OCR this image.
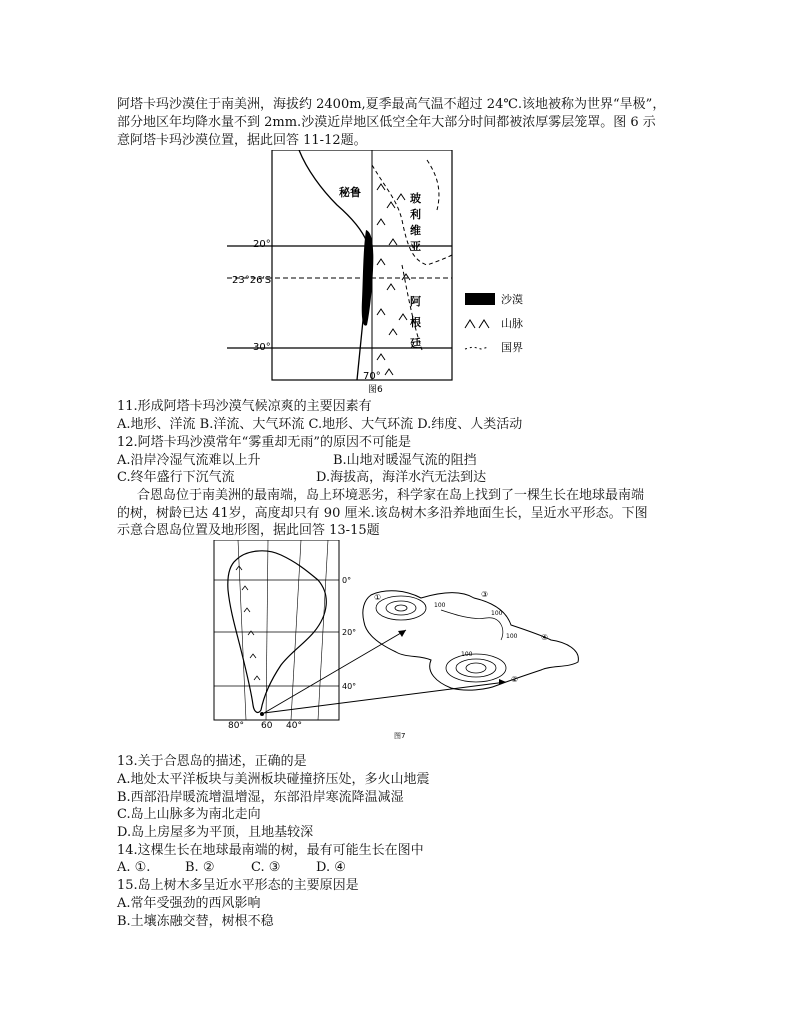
阿塔卡玛沙漠住于南美洲，海拔约 2400m,夏季最高气温不超过 24℃.该地被称为世界“旱极”，
部分地区年均降水量不到 2mm.沙漠近岸地区低空全年大部分时间都被浓厚雾层笼罩。图 6 示
意阿塔卡玛沙漠位置，据此回答 11-12题。
秘鲁	玻
利
维
亚
阿
根
廷
20°
23°26′S
30°
70°
图6
沙漠
山脉
国界
11.形成阿塔卡玛沙漠气候凉爽的主要因素有
A.地形、洋流 B.洋流、大气环流 C.地形、大气环流 D.纬度、人类活动
12.阿塔卡玛沙漠常年“雾重却无雨”的原因不可能是
A.沿岸冷湿气流难以上升	B.山地对暖湿气流的阻挡
C.终年盛行下沉气流	D.海拔高，海洋水汽无法到达
合恩岛位于南美洲的最南端，岛上环境恶劣，科学家在岛上找到了一棵生长在地球最南端
的树，树龄已达 41岁，高度却只有 90 厘米.该岛树木多沿养地面生长，呈近水平形态。下图
示意合恩岛位置及地形图，据此回答 13-15题
0°
20°
40°
80° 60 40°
100
100
100
100
①
②
③
④
图7
13.关于合恩岛的描述，正确的是
A.地处太平洋板块与美洲板块碰撞挤压处，多火山地震
B.西部沿岸暖流增温增湿，东部沿岸寒流降温减湿
C.岛上山脉多为南北走向
D.岛上房屋多为平顶，且地基较深
14.这棵生长在地球最南端的树，最有可能生长在图中
A. ①.	B. ②	C. ③	D. ④
15.岛上树木多呈近水平形态的主要原因是
A.常年受强劲的西风影响
B.土壤冻融交替，树根不稳
